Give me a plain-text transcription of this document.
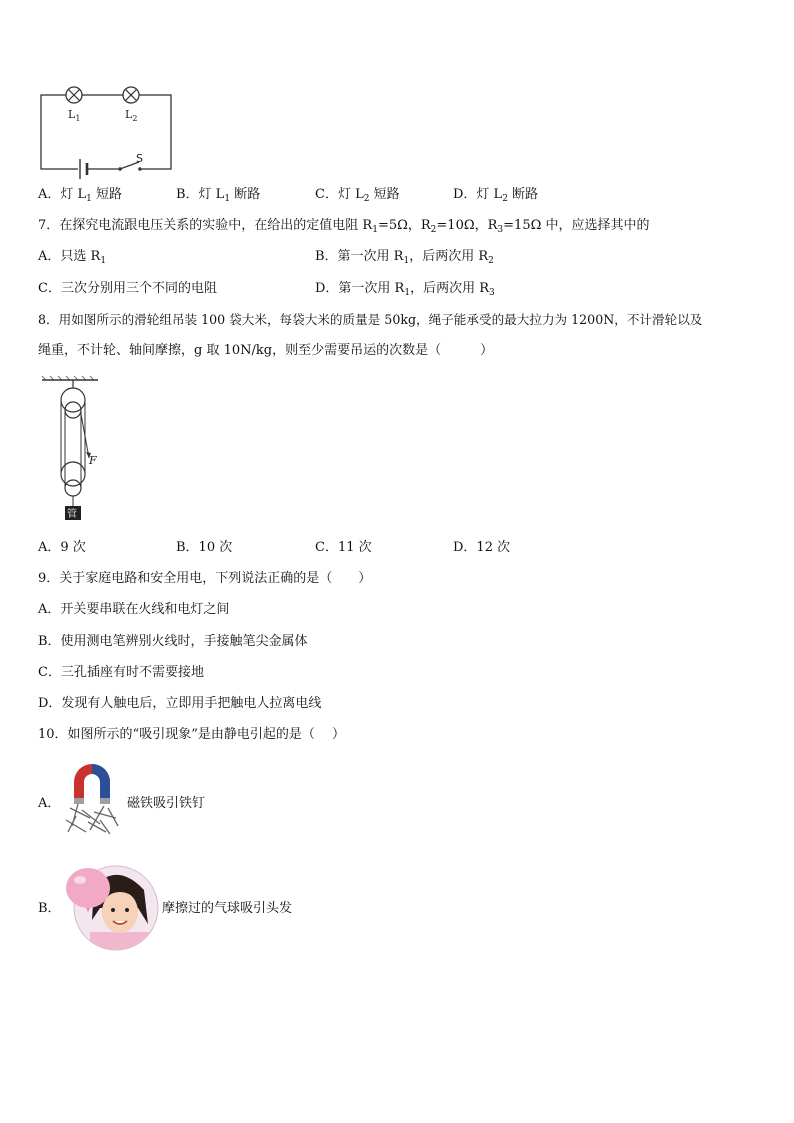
$L_1$	$L_2$
S
A．灯 $L_1$ 短路	B．灯 $L_1$ 断路	C．灯 $L_2$ 短路	D．灯 $L_2$ 断路
7．在探究电流跟电压关系的实验中，在给出的定值电阻 $R_1=5\Omega$，$R_2=10\Omega$，$R_3=15\Omega$ 中，应选择其中的
A．只选 $R_1$	B．第一次用 $R_1$，后两次用 $R_2$
C．三次分别用三个不同的电阻	D．第一次用 $R_1$，后两次用 $R_3$
8．用如图所示的滑轮组吊装 100 袋大米，每袋大米的质量是 50kg，绳子能承受的最大拉力为 1200N，不计滑轮以及
绳重，不计轮、轴间摩擦，g 取 10N/kg，则至少需要吊运的次数是（　　　）
F
管
A．9 次	B．10 次	C．11 次	D．12 次
9．关于家庭电路和安全用电，下列说法正确的是（　　）
A．开关要串联在火线和电灯之间
B．使用测电笔辨别火线时，手接触笔尖金属体
C．三孔插座有时不需要接地
D．发现有人触电后，立即用手把触电人拉离电线
10．如图所示的“吸引现象”是由静电引起的是（　 ）
A．	磁铁吸引铁钉
B．	摩擦过的气球吸引头发
